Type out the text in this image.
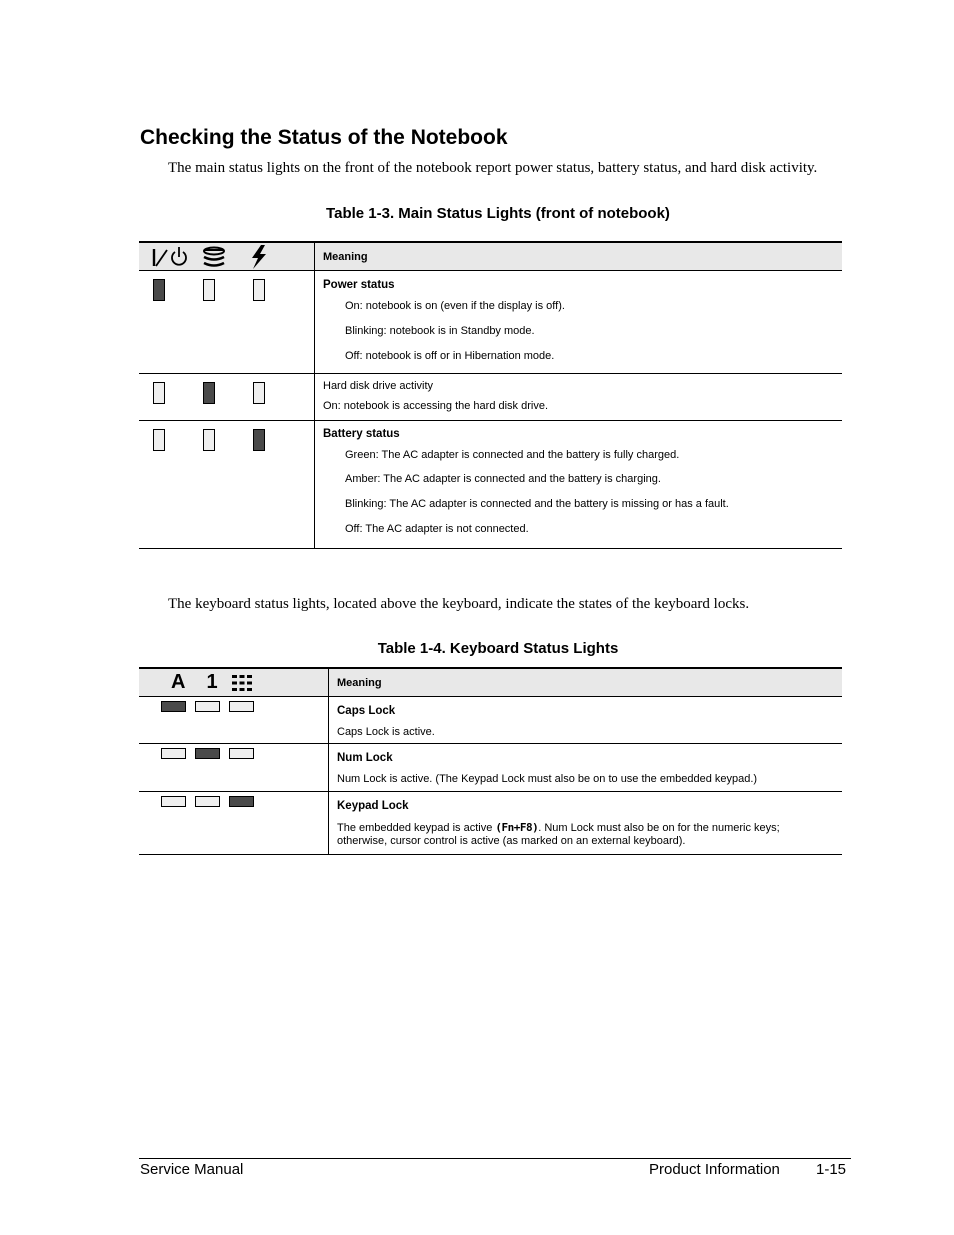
Checking the Status of the Notebook
The main status lights on the front of the notebook report power status, battery status, and hard disk activity.
Table 1-3. Main Status Lights (front of notebook)
	Meaning

	Power status
On: notebook is on (even if the display is off).
Blinking: notebook is in Standby mode.
Off: notebook is off or in Hibernation mode.

	Hard disk drive activity
On: notebook is accessing the hard disk drive.

	Battery status
Green: The AC adapter is connected and the battery is fully charged.
Amber: The AC adapter is connected and the battery is charging.
Blinking: The AC adapter is connected and the battery is missing or has a fault.
Off: The AC adapter is not connected.
The keyboard status lights, located above the keyboard, indicate the states of the keyboard locks.
Table 1-4. Keyboard Status Lights
A 1	Meaning

	Caps Lock
Caps Lock is active.

	Num Lock
Num Lock is active. (The Keypad Lock must also be on to use the embedded keypad.)

	Keypad Lock
The embedded keypad is active (Fn+F8). Num Lock must also be on for the numeric keys; otherwise, cursor control is active (as marked on an external keyboard).
Service Manual	Product Information 1-15
